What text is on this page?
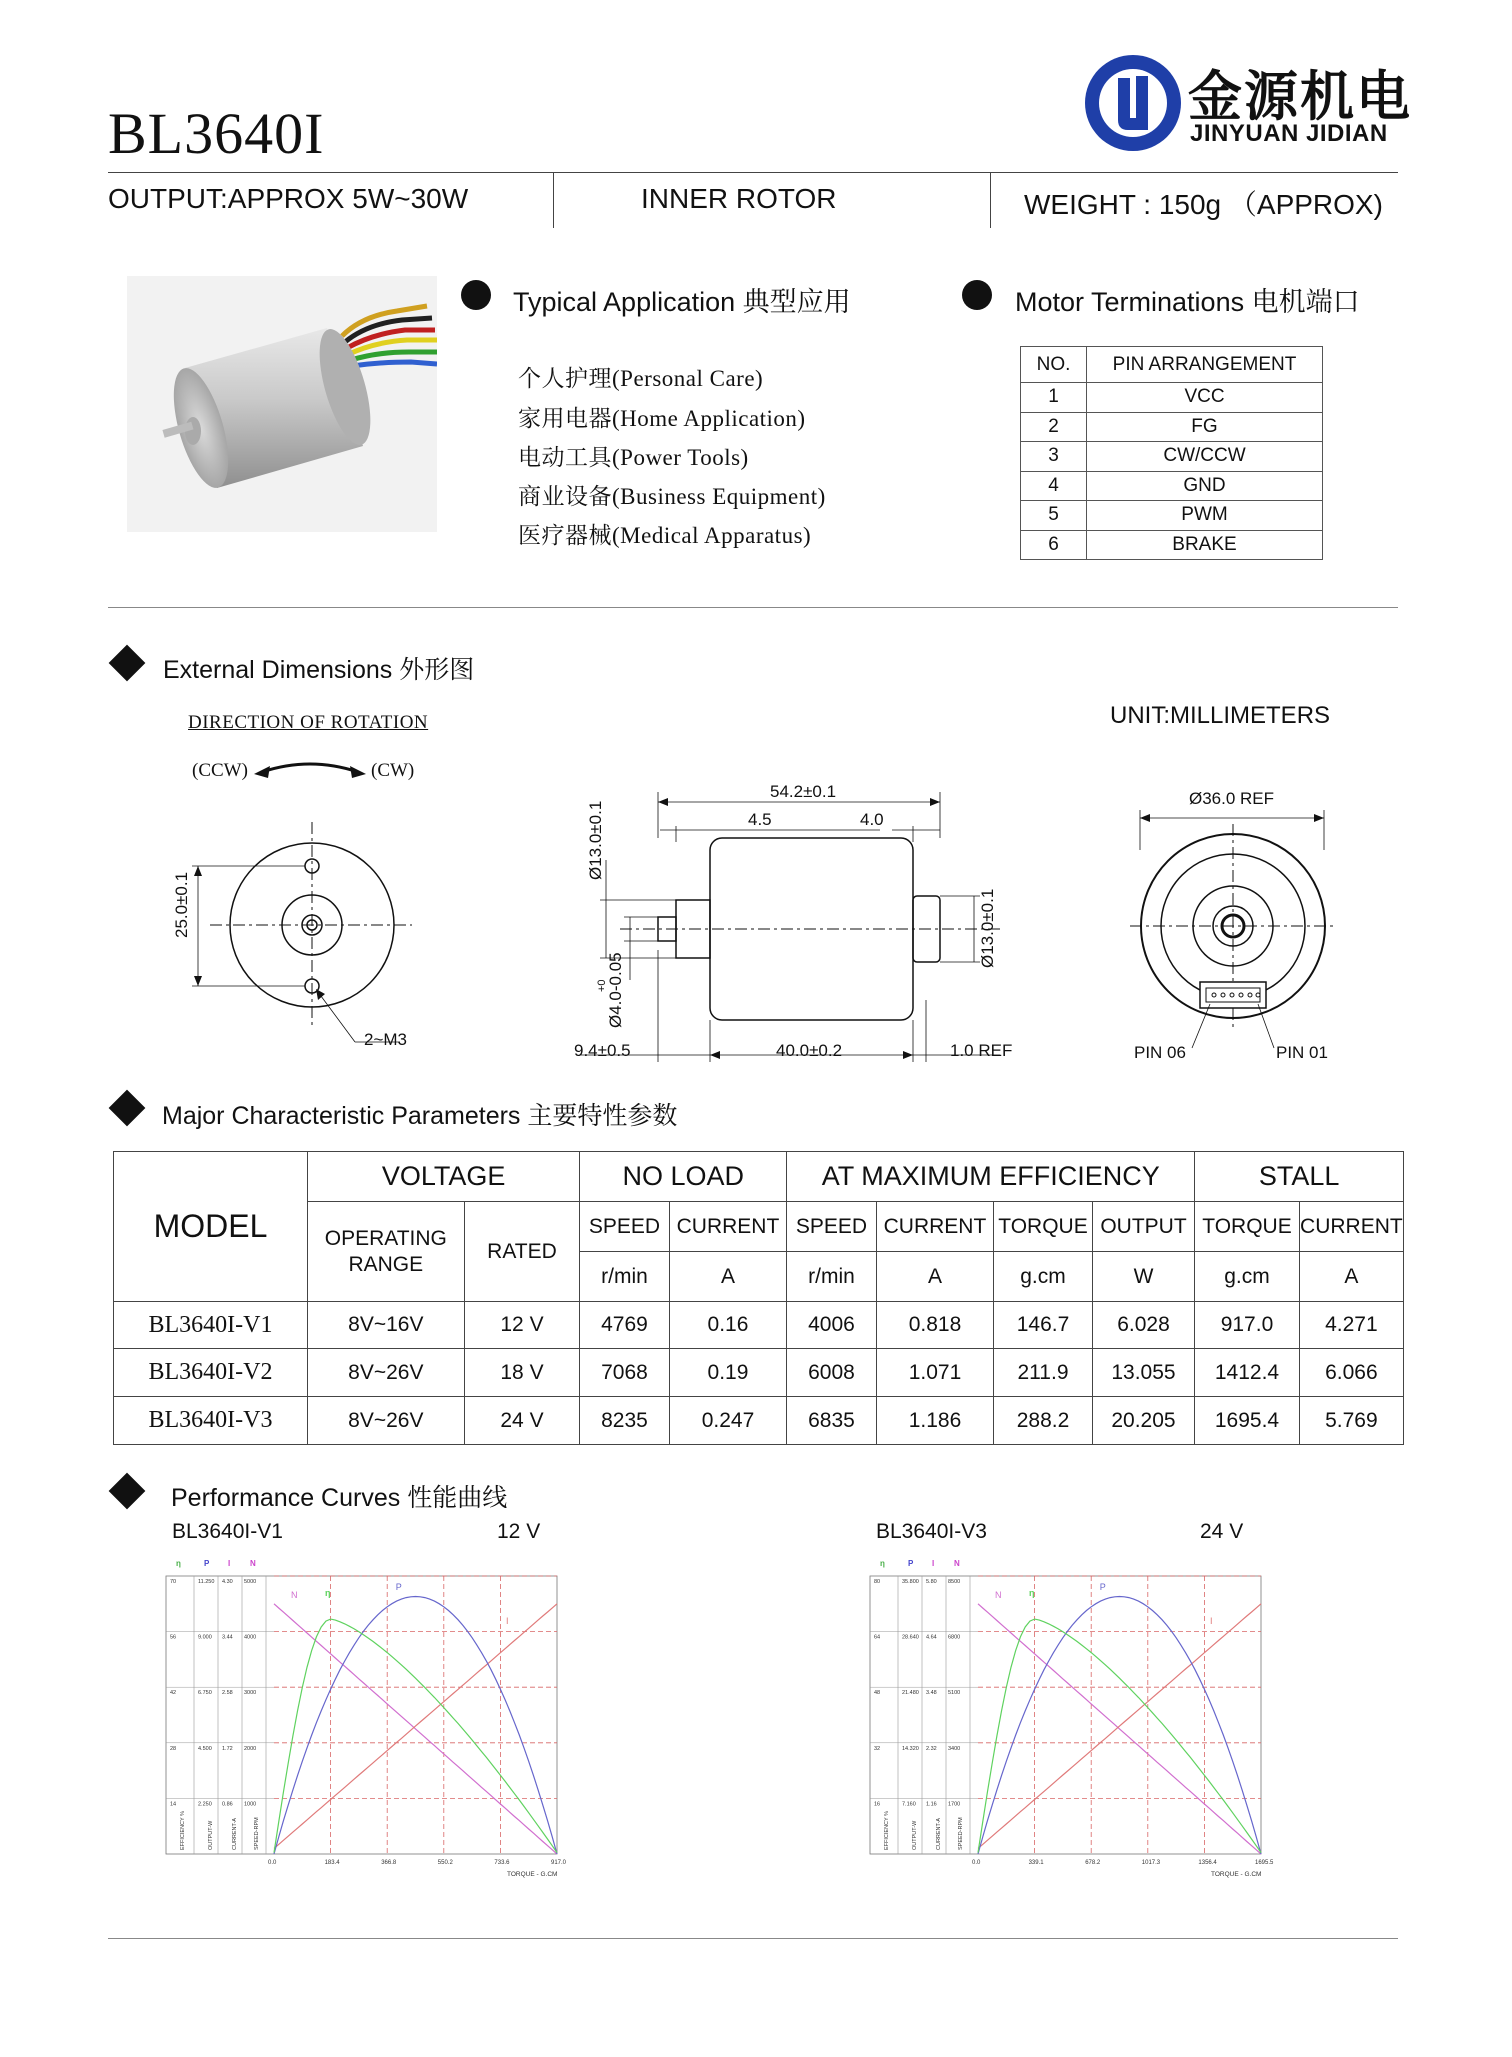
BL3640I
金源机电
JINYUAN JIDIAN
OUTPUT:APPROX 5W~30W	INNER ROTOR	WEIGHT : 150g （APPROX)
Typical Application 典型应用
个人护理(Personal Care)
家用电器(Home Application)
电动工具(Power Tools)
商业设备(Business Equipment)
医疗器械(Medical Apparatus)
Motor Terminations 电机端口
NO.	PIN ARRANGEMENT
1	VCC
2	FG
3	CW/CCW
4	GND
5	PWM
6	BRAKE
External Dimensions 外形图
UNIT:MILLIMETERS
DIRECTION OF ROTATION
(CCW)	(CW)
25.0±0.1
2~M3
54.2±0.1
4.5	4.0
Ø13.0±0.1
Ø13.0±0.1
Ø4.0-0.05
+0
9.4±0.5	40.0±0.2	1.0 REF
Ø36.0 REF
PIN 06	PIN 01
Major Characteristic Parameters 主要特性参数
MODEL	VOLTAGE		NO LOAD		AT MAXIMUM EFFICIENCY				STALL	
	OPERATING RANGE	RATED	SPEED	CURRENT	SPEED	CURRENT	TORQUE	OUTPUT	TORQUE	CURRENT
			r/min	A	r/min	A	g.cm	W	g.cm	A
BL3640I-V1	8V~16V	12 V	4769	0.16	4006	0.818	146.7	6.028	917.0	4.271
BL3640I-V2	8V~26V	18 V	7068	0.19	6008	1.071	211.9	13.055	1412.4	6.066
BL3640I-V3	8V~26V	24 V	8235	0.247	6835	1.186	288.2	20.205	1695.4	5.769
Performance Curves 性能曲线
BL3640I-V1	12 V	BL3640I-V3	24 V
η	P I N
14	2.250 0.86 1000
28	4.500 1.72 2000
42	6.750 2.58 3000
56	9.000 3.44 4000
70	11.250 4.30 5000
0.0	183.4	366.8	550.2	733.6	917.0
TORQUE - G.CM
EFFICIENCY %	OUTPUT-W	CURRENT-A	SPEED-RPM
N	η
P
I
η	P I N
16	7.160 1.16 1700
32	14.320 2.32 3400
48	21.480 3.48 5100
64	28.640 4.64 6800
80	35.800 5.80 8500
0.0	339.1	678.2	1017.3	1356.4	1695.5
TORQUE - G.CM
EFFICIENCY %	OUTPUT-W	CURRENT-A	SPEED-RPM
N	η
P
I
